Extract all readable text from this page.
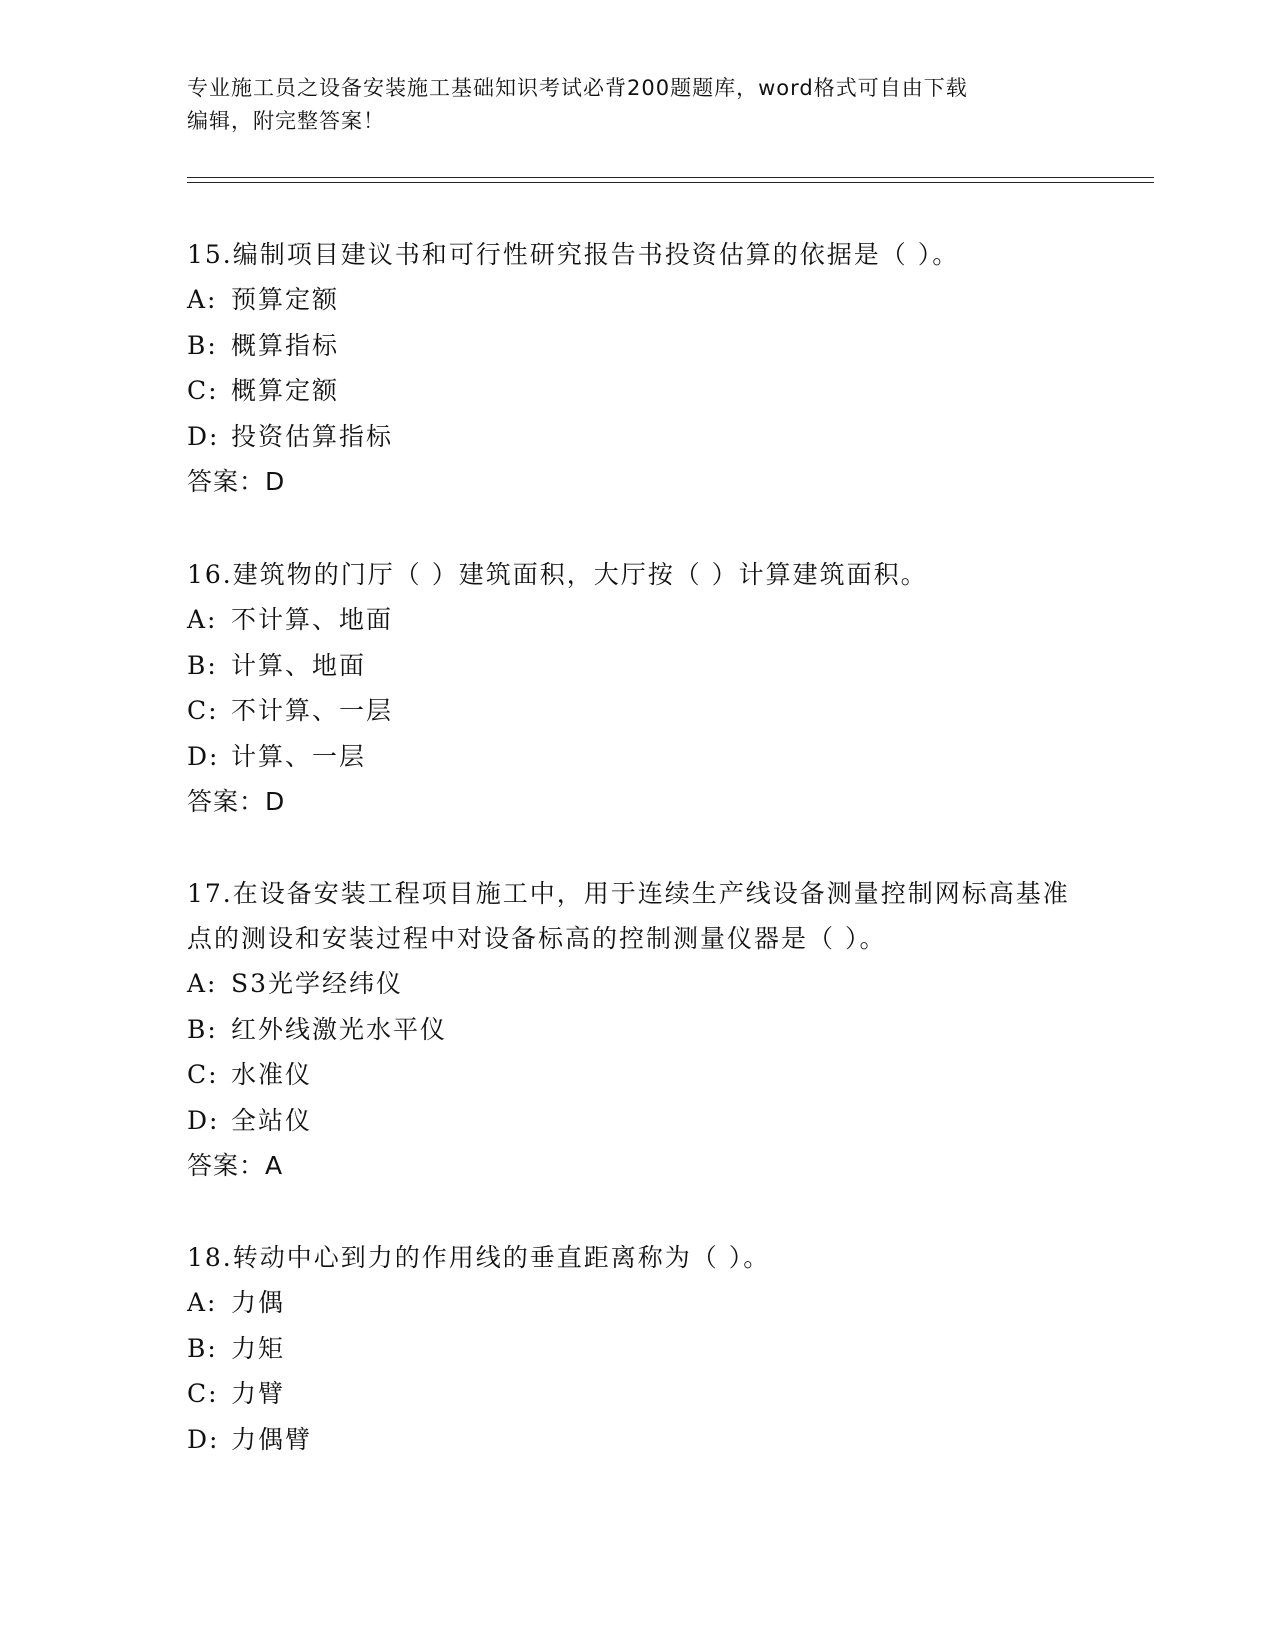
专业施工员之设备安装施工基础知识考试必背200题题库，word格式可自由下载
编辑，附完整答案！

15.编制项目建议书和可行性研究报告书投资估算的依据是（ ）。

A: 预算定额

B: 概算指标

C: 概算定额

D: 投资估算指标

答案：D

16.建筑物的门厅（ ）建筑面积，大厅按（ ）计算建筑面积。

A: 不计算、地面

B: 计算、地面

C: 不计算、一层

D: 计算、一层

答案：D

17.在设备安装工程项目施工中，用于连续生产线设备测量控制网标高基准点的测设和安装过程中对设备标高的控制测量仪器是（ ）。

A: S3光学经纬仪

B: 红外线激光水平仪

C: 水准仪

D: 全站仪

答案：A

18.转动中心到力的作用线的垂直距离称为（ ）。

A: 力偶

B: 力矩

C: 力臂

D: 力偶臂
